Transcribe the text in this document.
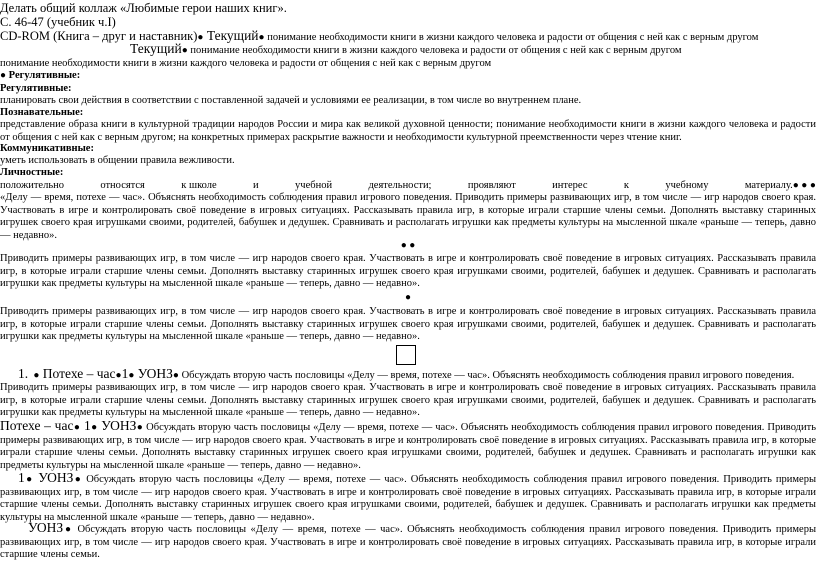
Делать общий коллаж «Любимые герои наших книг».
С. 46-47 (учебник ч.I)
CD-ROM (Книга – друг и наставник)● Текущий● понимание необходимости книги в жизни каждого человека и радости от общения с ней как с верным другом
Текущий● понимание необходимости книги в жизни каждого человека и радости от общения с ней как с верным другом
понимание необходимости книги в жизни каждого человека и радости от общения с ней как с верным другом
● Регулятивные:
Регулятивные:
планировать свои действия в соответствии с поставленной задачей и условиями ее реализации, в том числе во внутреннем плане.
Познавательные:
представление образа книги в культурной традиции народов России и мира как великой духовной ценности; понимание необходимости книги в жизни каждого человека и радости от общения с ней как с верным другом; на конкретных примерах раскрытие важности и необходимости культурной преемственности через чтение книг.
Коммуникативные:
уметь использовать в общении правила вежливости.
Личностные:
положительно	относятся	к школе	и	учебной	деятельности;	проявляют	интерес	к	учебному	материалу.● ● ●
«Делу — время, потехе — час». Объяснять необходимость соблюдения правил игрового поведения. Приводить примеры развивающих игр, в том числе — игр народов своего края. Участвовать в игре и контролировать своё поведение в игровых ситуациях. Рассказывать правила игр, в которые играли старшие члены семьи. Дополнять выставку старинных игрушек своего края игрушками своими, родителей, бабушек и дедушек. Сравнивать и располагать игрушки как предметы культуры на мысленной шкале «раньше — теперь, давно — недавно».
● ●
Приводить примеры развивающих игр, в том числе — игр народов своего края. Участвовать в игре и контролировать своё поведение в игровых ситуациях. Рассказывать правила игр, в которые играли старшие члены семьи. Дополнять выставку старинных игрушек своего края игрушками своими, родителей, бабушек и дедушек. Сравнивать и располагать игрушки как предметы культуры на мысленной шкале «раньше — теперь, давно — недавно».
●
Приводить примеры развивающих игр, в том числе — игр народов своего края. Участвовать в игре и контролировать своё поведение в игровых ситуациях. Рассказывать правила игр, в которые играли старшие члены семьи. Дополнять выставку старинных игрушек своего края игрушками своими, родителей, бабушек и дедушек. Сравнивать и располагать игрушки как предметы культуры на мысленной шкале «раньше — теперь, давно — недавно».
1. ● Потехе – час●1● УОНЗ● Обсуждать вторую часть пословицы «Делу — время, потехе — час». Объяснять необходимость соблюдения правил игрового поведения.
Приводить примеры развивающих игр, в том числе — игр народов своего края. Участвовать в игре и контролировать своё поведение в игровых ситуациях. Рассказывать правила игр, в которые играли старшие члены семьи. Дополнять выставку старинных игрушек своего края игрушками своими, родителей, бабушек и дедушек. Сравнивать и располагать игрушки как предметы культуры на мысленной шкале «раньше — теперь, давно — недавно».
Потехе – час● 1● УОНЗ● Обсуждать вторую часть пословицы «Делу — время, потехе — час». Объяснять необходимость соблюдения правил игрового поведения. Приводить примеры развивающих игр, в том числе — игр народов своего края. Участвовать в игре и контролировать своё поведение в игровых ситуациях. Рассказывать правила игр, в которые играли старшие члены семьи. Дополнять выставку старинных игрушек своего края игрушками своими, родителей, бабушек и дедушек. Сравнивать и располагать игрушки как предметы культуры на мысленной шкале «раньше — теперь, давно — недавно».
1● УОНЗ● Обсуждать вторую часть пословицы «Делу — время, потехе — час». Объяснять необходимость соблюдения правил игрового поведения. Приводить примеры развивающих игр, в том числе — игр народов своего края. Участвовать в игре и контролировать своё поведение в игровых ситуациях. Рассказывать правила игр, в которые играли старшие члены семьи. Дополнять выставку старинных игрушек своего края игрушками своими, родителей, бабушек и дедушек. Сравнивать и располагать игрушки как предметы культуры на мысленной шкале «раньше — теперь, давно — недавно».
УОНЗ● Обсуждать вторую часть пословицы «Делу — время, потехе — час». Объяснять необходимость соблюдения правил игрового поведения. Приводить примеры развивающих игр, в том числе — игр народов своего края. Участвовать в игре и контролировать своё поведение в игровых ситуациях. Рассказывать правила игр, в которые играли старшие члены семьи.
